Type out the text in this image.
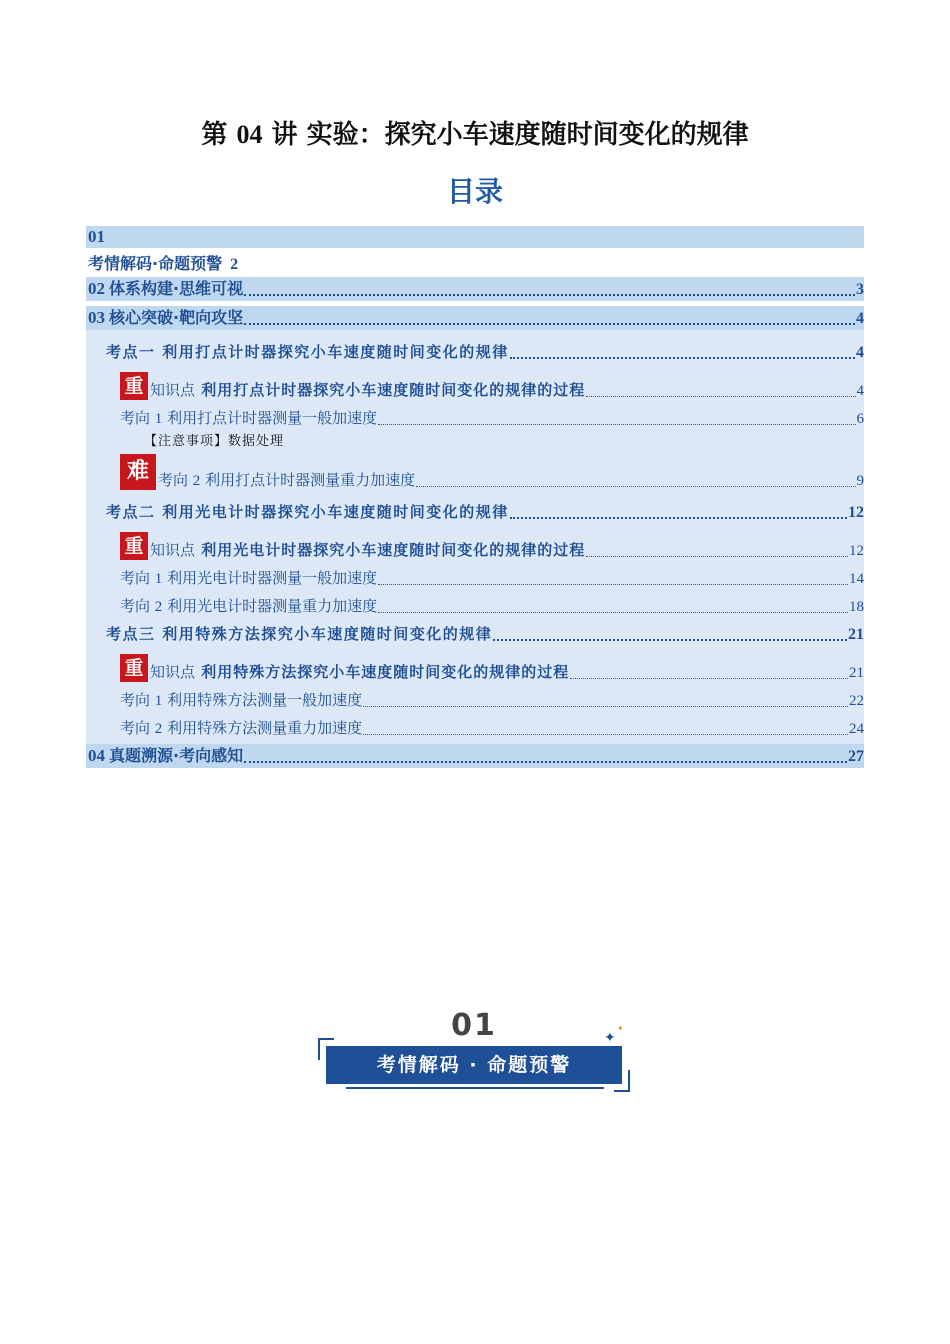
第 04 讲 实验：探究小车速度随时间变化的规律
目录
01
考情解码·命题预警 2
02 体系构建·思维可视	3
03 核心突破·靶向攻坚	4
考点一 利用打点计时器探究小车速度随时间变化的规律	4
重 知识点 利用打点计时器探究小车速度随时间变化的规律的过程	4
考向 1 利用打点计时器测量一般加速度	6
【注意事项】数据处理
难 考向 2 利用打点计时器测量重力加速度	9
考点二 利用光电计时器探究小车速度随时间变化的规律	12
重 知识点 利用光电计时器探究小车速度随时间变化的规律的过程	12
考向 1 利用光电计时器测量一般加速度	14
考向 2 利用光电计时器测量重力加速度	18
考点三 利用特殊方法探究小车速度随时间变化的规律	21
重 知识点 利用特殊方法探究小车速度随时间变化的规律的过程	21
考向 1 利用特殊方法测量一般加速度	22
考向 2 利用特殊方法测量重力加速度	24
04 真题溯源·考向感知	27
01
考情解码 · 命题预警
✦
✦
